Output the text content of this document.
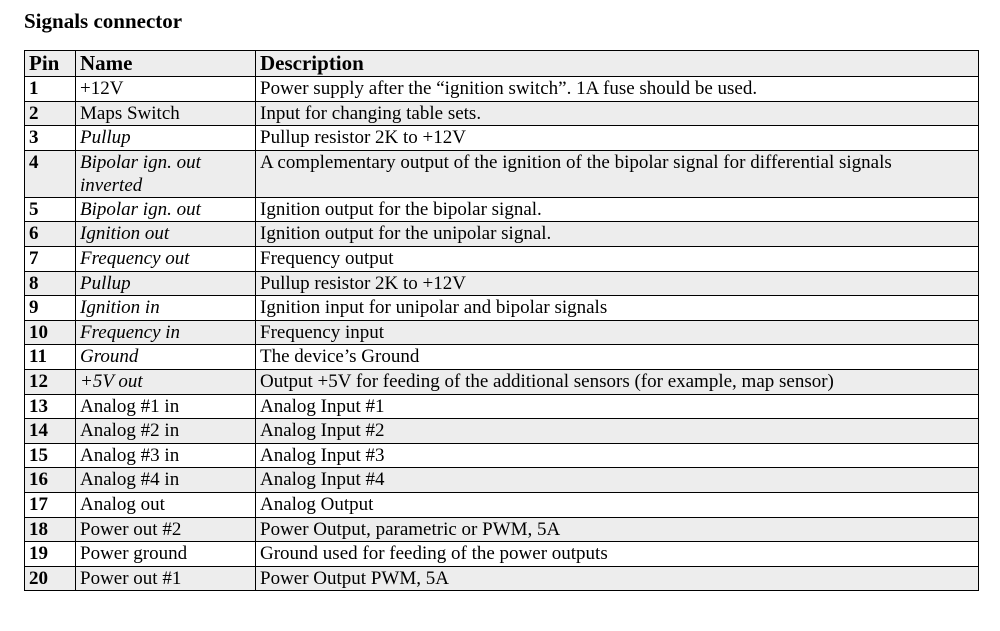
Signals connector
Pin	Name	Description
1	+12V	Power supply after the “ignition switch”. 1A fuse should be used.
2	Maps Switch	Input for changing table sets.
3	Pullup	Pullup resistor 2K to +12V
4	Bipolar ign. out inverted	A complementary output of the ignition of the bipolar signal for differential signals
5	Bipolar ign. out	Ignition output for the bipolar signal.
6	Ignition out	Ignition output for the unipolar signal.
7	Frequency out	Frequency output
8	Pullup	Pullup resistor 2K to +12V
9	Ignition in	Ignition input for unipolar and bipolar signals
10	Frequency in	Frequency input
11	Ground	The device’s Ground
12	+5V out	Output +5V for feeding of the additional sensors (for example, map sensor)
13	Analog #1 in	Analog Input #1
14	Analog #2 in	Analog Input #2
15	Analog #3 in	Analog Input #3
16	Analog #4 in	Analog Input #4
17	Analog out	Analog Output
18	Power out #2	Power Output, parametric or PWM, 5A
19	Power ground	Ground used for feeding of the power outputs
20	Power out #1	Power Output PWM, 5A
